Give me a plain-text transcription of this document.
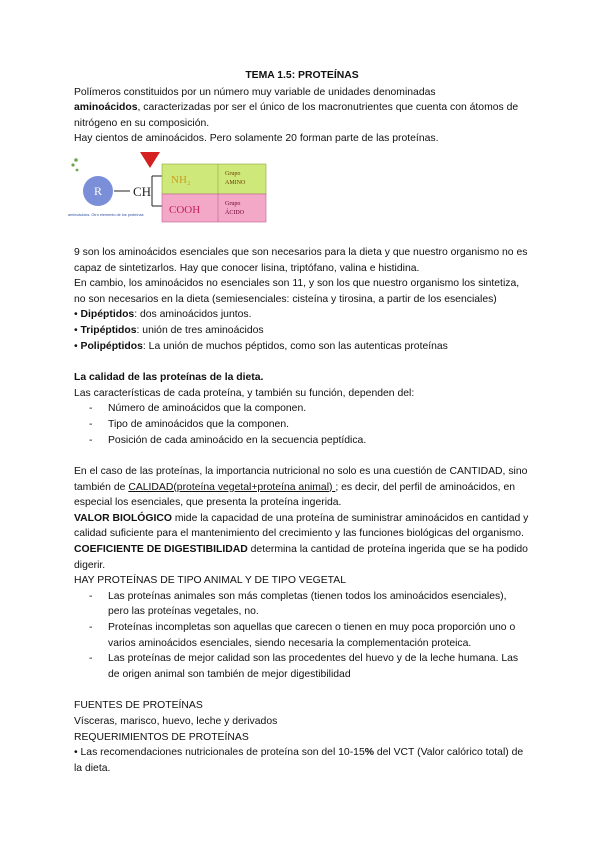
TEMA 1.5: PROTEÍNAS

Polímeros constituidos por un número muy variable de unidades denominadas
aminoácidos, caracterizadas por ser el único de los macronutrientes que cuenta con átomos de nitrógeno en su composición.

Hay cientos de aminoácidos. Pero solamente 20 forman parte de las proteínas.

R CH
NH₂	Grupo AMINO
COOH	Grupo ÁCIDO
aminoácidos. Otro elemento de los proteínas

9 son los aminoácidos esenciales que son necesarios para la dieta y que nuestro organismo no es capaz de sintetizarlos. Hay que conocer lisina, triptófano, valina e histidina.

En cambio, los aminoácidos no esenciales son 11, y son los que nuestro organismo los sintetiza, no son necesarios en la dieta (semiesenciales: cisteína y tirosina, a partir de los esenciales)

• Dipéptidos: dos aminoácidos juntos.

• Tripéptidos: unión de tres aminoácidos

• Polipéptidos: La unión de muchos péptidos, como son las autenticas proteínas

La calidad de las proteínas de la dieta.

Las características de cada proteína, y también su función, dependen del:

- Número de aminoácidos que la componen.
- Tipo de aminoácidos que la componen.
- Posición de cada aminoácido en la secuencia peptídica.

En el caso de las proteínas, la importancia nutricional no solo es una cuestión de CANTIDAD, sino también de CALIDAD(proteína vegetal+proteína animal) ; es decir, del perfil de aminoácidos, en especial los esenciales, que presenta la proteína ingerida.

VALOR BIOLÓGICO mide la capacidad de una proteína de suministrar aminoácidos en cantidad y calidad suficiente para el mantenimiento del crecimiento y las funciones biológicas del organismo.

COEFICIENTE DE DIGESTIBILIDAD determina la cantidad de proteína ingerida que se ha podido digerir.

HAY PROTEÍNAS DE TIPO ANIMAL Y DE TIPO VEGETAL

- Las proteínas animales son más completas (tienen todos los aminoácidos esenciales), pero las proteínas vegetales, no.
- Proteínas incompletas son aquellas que carecen o tienen en muy poca proporción uno o varios aminoácidos esenciales, siendo necesaria la complementación proteica.
- Las proteínas de mejor calidad son las procedentes del huevo y de la leche humana. Las de origen animal son también de mejor digestibilidad

FUENTES DE PROTEÍNAS

Vísceras, marisco, huevo, leche y derivados

REQUERIMIENTOS DE PROTEÍNAS

• Las recomendaciones nutricionales de proteína son del 10-15% del VCT (Valor calórico total) de la dieta.
